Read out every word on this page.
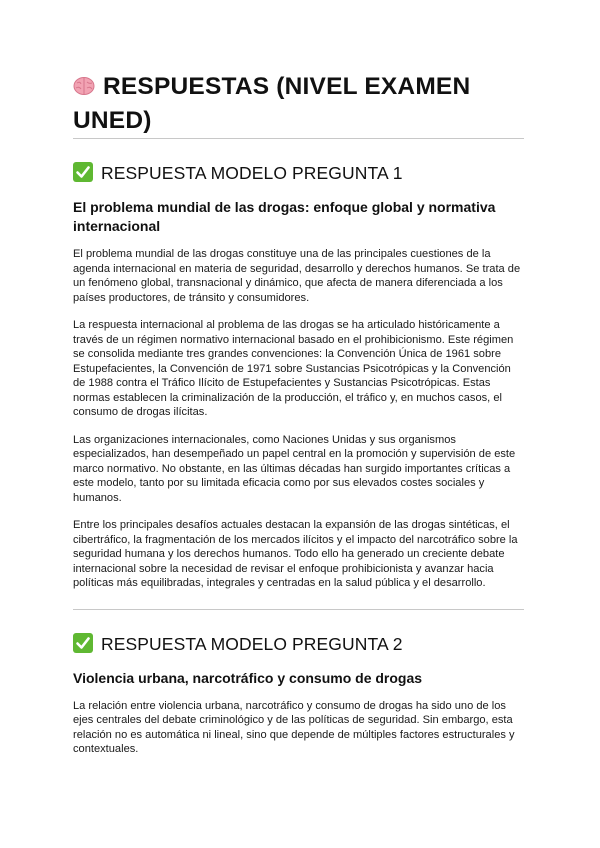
RESPUESTAS (NIVEL EXAMEN UNED)
RESPUESTA MODELO PREGUNTA 1
El problema mundial de las drogas: enfoque global y normativa internacional

El problema mundial de las drogas constituye una de las principales cuestiones de la agenda internacional en materia de seguridad, desarrollo y derechos humanos. Se trata de un fenómeno global, transnacional y dinámico, que afecta de manera diferenciada a los países productores, de tránsito y consumidores.

La respuesta internacional al problema de las drogas se ha articulado históricamente a través de un régimen normativo internacional basado en el prohibicionismo. Este régimen se consolida mediante tres grandes convenciones: la Convención Única de 1961 sobre Estupefacientes, la Convención de 1971 sobre Sustancias Psicotrópicas y la Convención de 1988 contra el Tráfico Ilícito de Estupefacientes y Sustancias Psicotrópicas. Estas normas establecen la criminalización de la producción, el tráfico y, en muchos casos, el consumo de drogas ilícitas.

Las organizaciones internacionales, como Naciones Unidas y sus organismos especializados, han desempeñado un papel central en la promoción y supervisión de este marco normativo. No obstante, en las últimas décadas han surgido importantes críticas a este modelo, tanto por su limitada eficacia como por sus elevados costes sociales y humanos.

Entre los principales desafíos actuales destacan la expansión de las drogas sintéticas, el cibertráfico, la fragmentación de los mercados ilícitos y el impacto del narcotráfico sobre la seguridad humana y los derechos humanos. Todo ello ha generado un creciente debate internacional sobre la necesidad de revisar el enfoque prohibicionista y avanzar hacia políticas más equilibradas, integrales y centradas en la salud pública y el desarrollo.

RESPUESTA MODELO PREGUNTA 2
Violencia urbana, narcotráfico y consumo de drogas

La relación entre violencia urbana, narcotráfico y consumo de drogas ha sido uno de los ejes centrales del debate criminológico y de las políticas de seguridad. Sin embargo, esta relación no es automática ni lineal, sino que depende de múltiples factores estructurales y contextuales.
